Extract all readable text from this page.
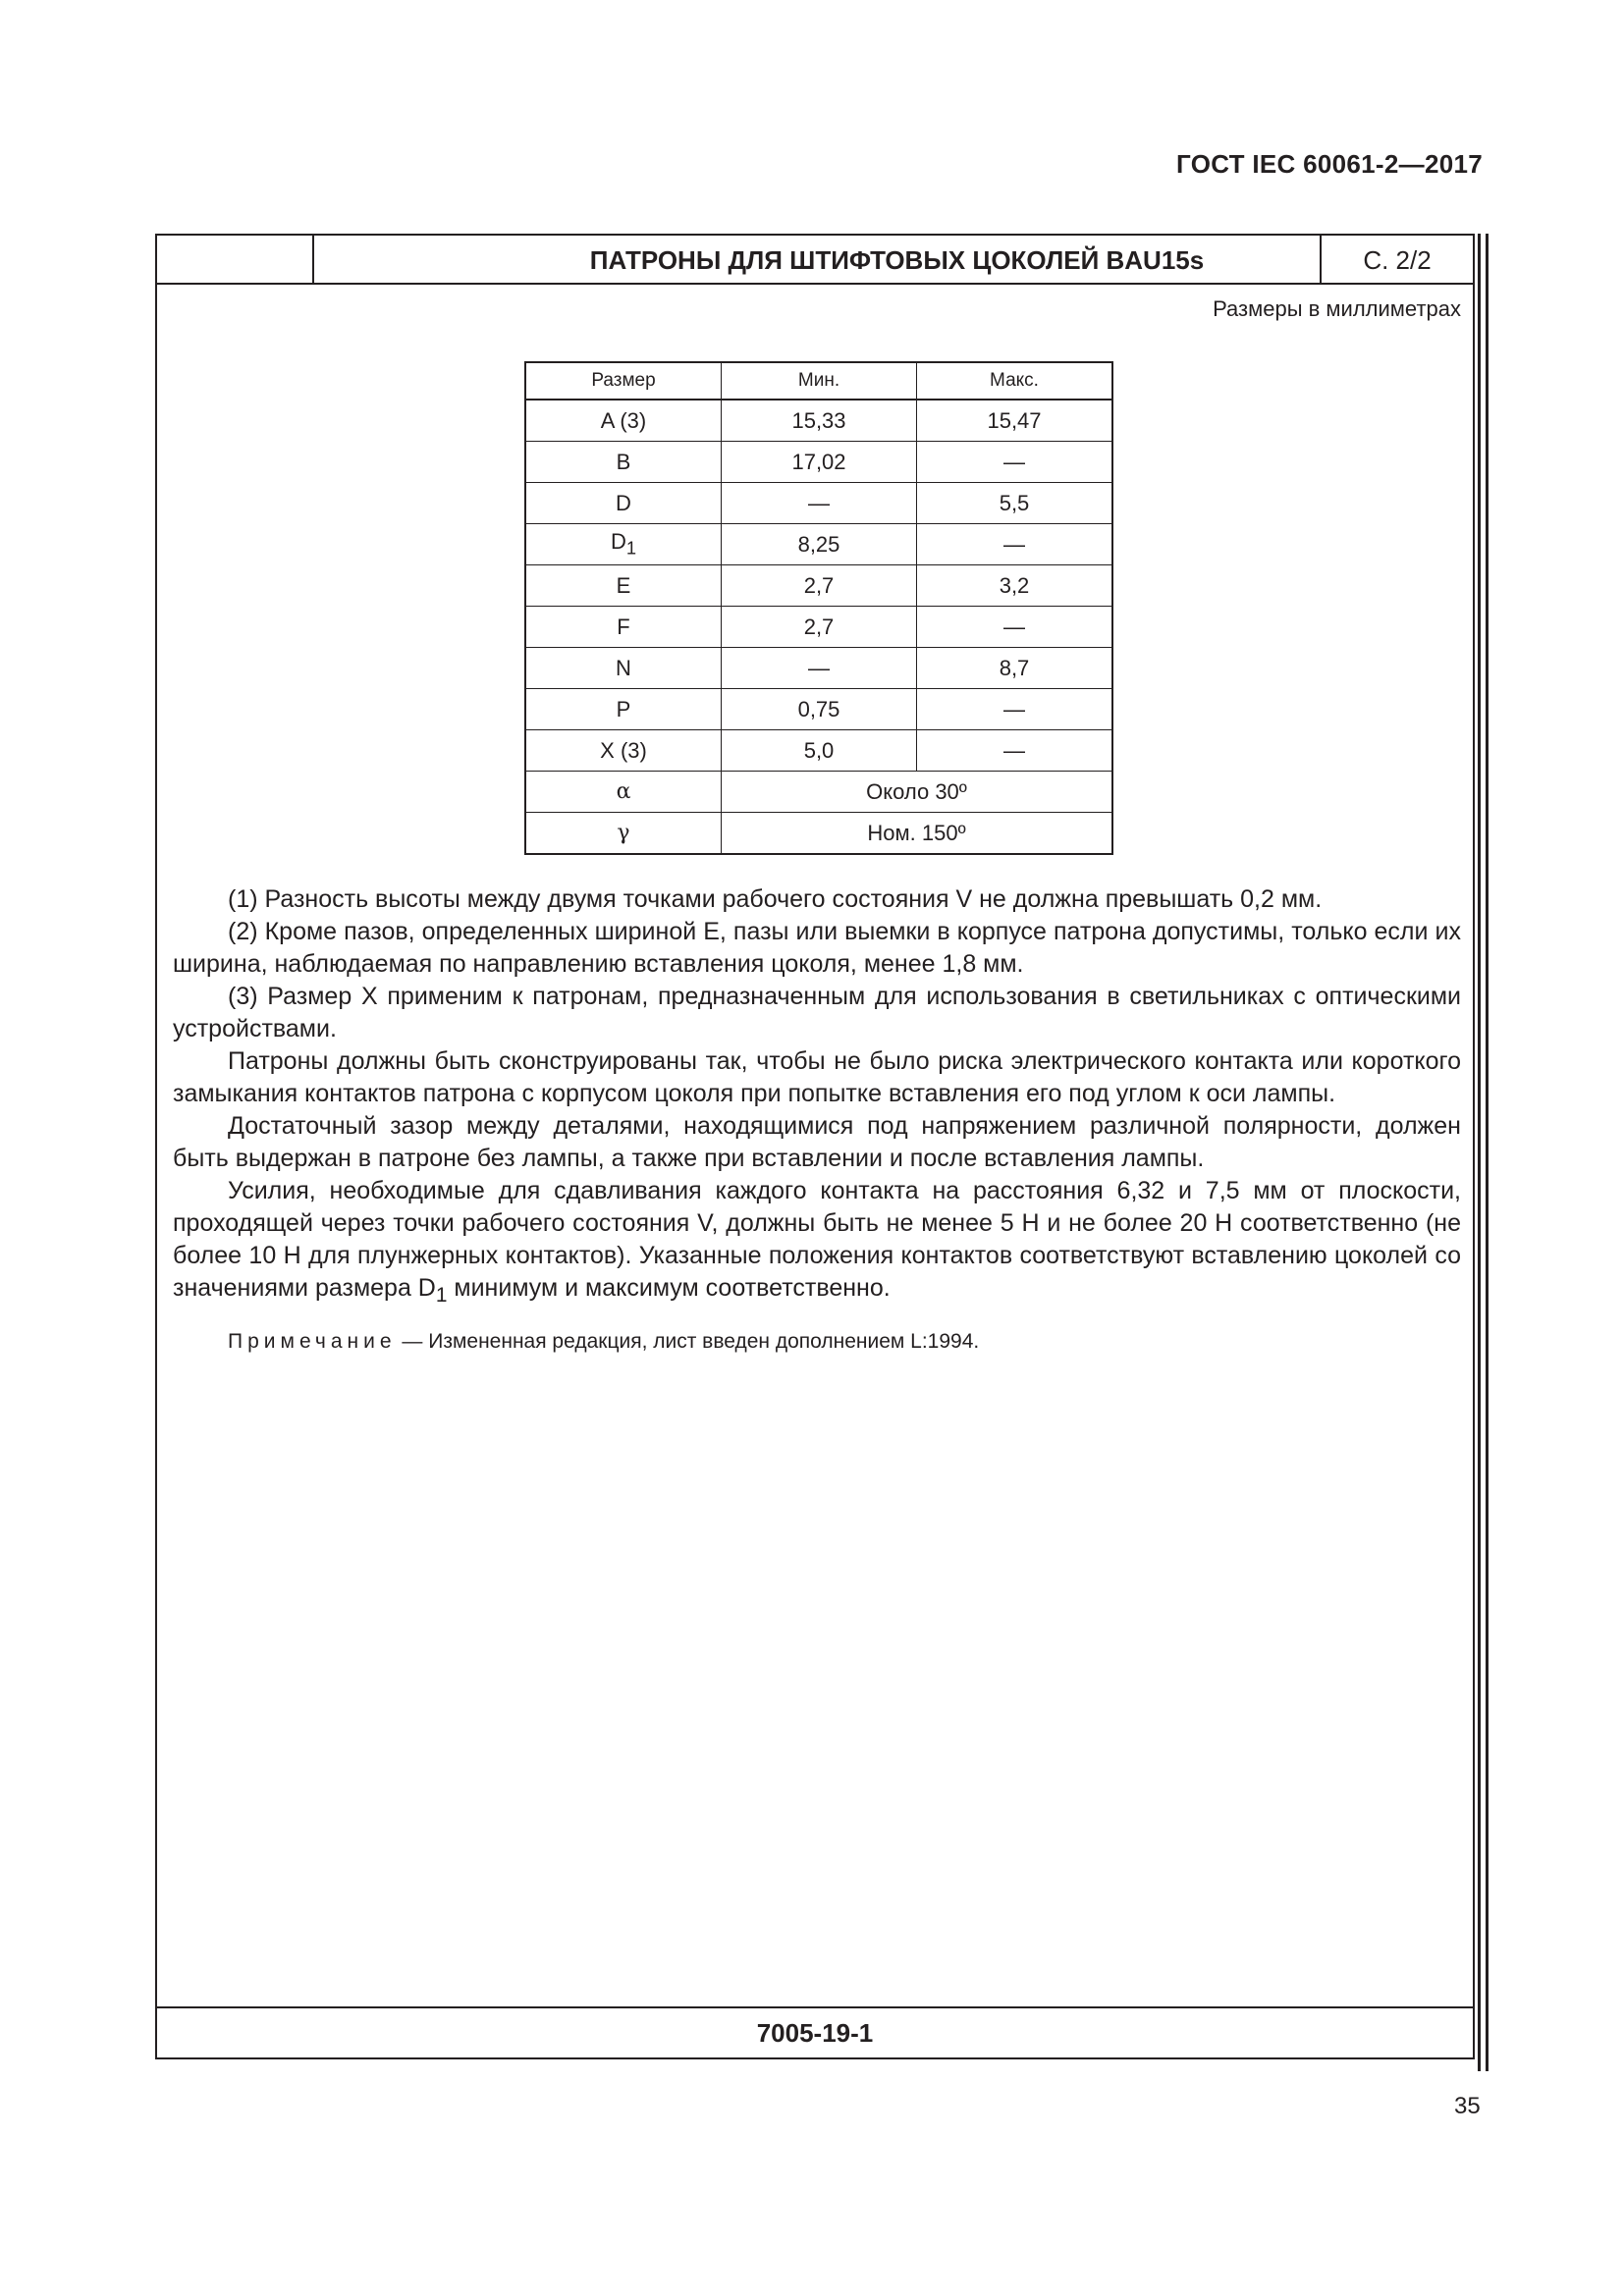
ГОСТ IEC 60061-2—2017
ПАТРОНЫ ДЛЯ ШТИФТОВЫХ ЦОКОЛЕЙ BAU15s	С. 2/2
Размеры в миллиметрах
Размер	Мин.	Макс.
A (3)	15,33	15,47
B	17,02	—
D	—	5,5
$D_1$	8,25	—
E	2,7	3,2
F	2,7	—
N	—	8,7
P	0,75	—
X (3)	5,0	—
α	Около 30º	
γ	Ном. 150º	

(1) Разность высоты между двумя точками рабочего состояния V не должна превышать 0,2 мм.

(2) Кроме пазов, определенных шириной E, пазы или выемки в корпусе патрона допустимы, только если их ширина, наблюдаемая по направлению вставления цоколя, менее 1,8 мм.

(3) Размер X применим к патронам, предназначенным для использования в светильниках с оптическими устройствами.

Патроны должны быть сконструированы так, чтобы не было риска электрического контакта или короткого замыкания контактов патрона с корпусом цоколя при попытке вставления его под углом к оси лампы.

Достаточный зазор между деталями, находящимися под напряжением различной полярности, должен быть выдержан в патроне без лампы, а также при вставлении и после вставления лампы.

Усилия, необходимые для сдавливания каждого контакта на расстояния 6,32 и 7,5 мм от плоскости, проходящей через точки рабочего состояния V, должны быть не менее 5 Н и не более 20 Н соответственно (не более 10 Н для плунжерных контактов). Указанные положения контактов соответствуют вставлению цоколей со значениями размера $D_1$ минимум и максимум соответственно.

Примечание — Измененная редакция, лист введен дополнением L:1994.

7005-19-1
35
